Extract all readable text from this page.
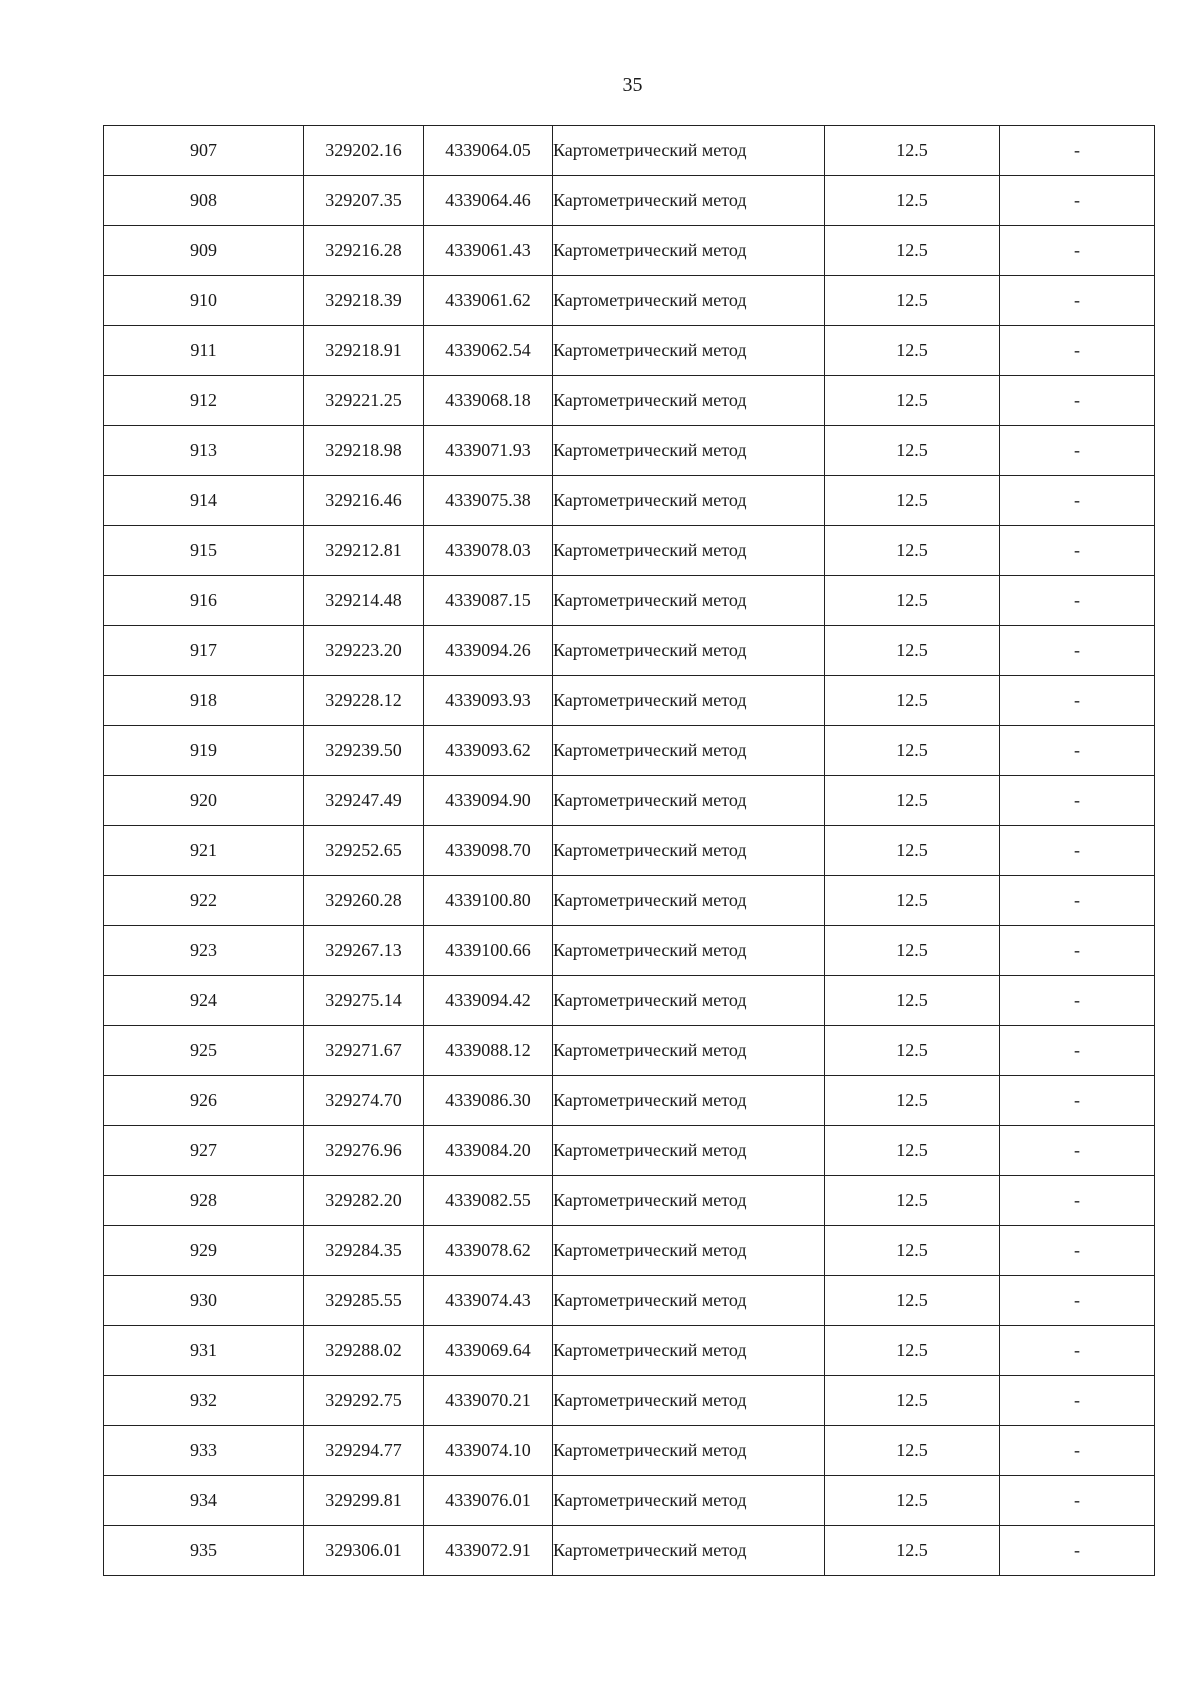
35
907	329202.16	4339064.05	Картометрический метод	12.5	-
908	329207.35	4339064.46	Картометрический метод	12.5	-
909	329216.28	4339061.43	Картометрический метод	12.5	-
910	329218.39	4339061.62	Картометрический метод	12.5	-
911	329218.91	4339062.54	Картометрический метод	12.5	-
912	329221.25	4339068.18	Картометрический метод	12.5	-
913	329218.98	4339071.93	Картометрический метод	12.5	-
914	329216.46	4339075.38	Картометрический метод	12.5	-
915	329212.81	4339078.03	Картометрический метод	12.5	-
916	329214.48	4339087.15	Картометрический метод	12.5	-
917	329223.20	4339094.26	Картометрический метод	12.5	-
918	329228.12	4339093.93	Картометрический метод	12.5	-
919	329239.50	4339093.62	Картометрический метод	12.5	-
920	329247.49	4339094.90	Картометрический метод	12.5	-
921	329252.65	4339098.70	Картометрический метод	12.5	-
922	329260.28	4339100.80	Картометрический метод	12.5	-
923	329267.13	4339100.66	Картометрический метод	12.5	-
924	329275.14	4339094.42	Картометрический метод	12.5	-
925	329271.67	4339088.12	Картометрический метод	12.5	-
926	329274.70	4339086.30	Картометрический метод	12.5	-
927	329276.96	4339084.20	Картометрический метод	12.5	-
928	329282.20	4339082.55	Картометрический метод	12.5	-
929	329284.35	4339078.62	Картометрический метод	12.5	-
930	329285.55	4339074.43	Картометрический метод	12.5	-
931	329288.02	4339069.64	Картометрический метод	12.5	-
932	329292.75	4339070.21	Картометрический метод	12.5	-
933	329294.77	4339074.10	Картометрический метод	12.5	-
934	329299.81	4339076.01	Картометрический метод	12.5	-
935	329306.01	4339072.91	Картометрический метод	12.5	-
